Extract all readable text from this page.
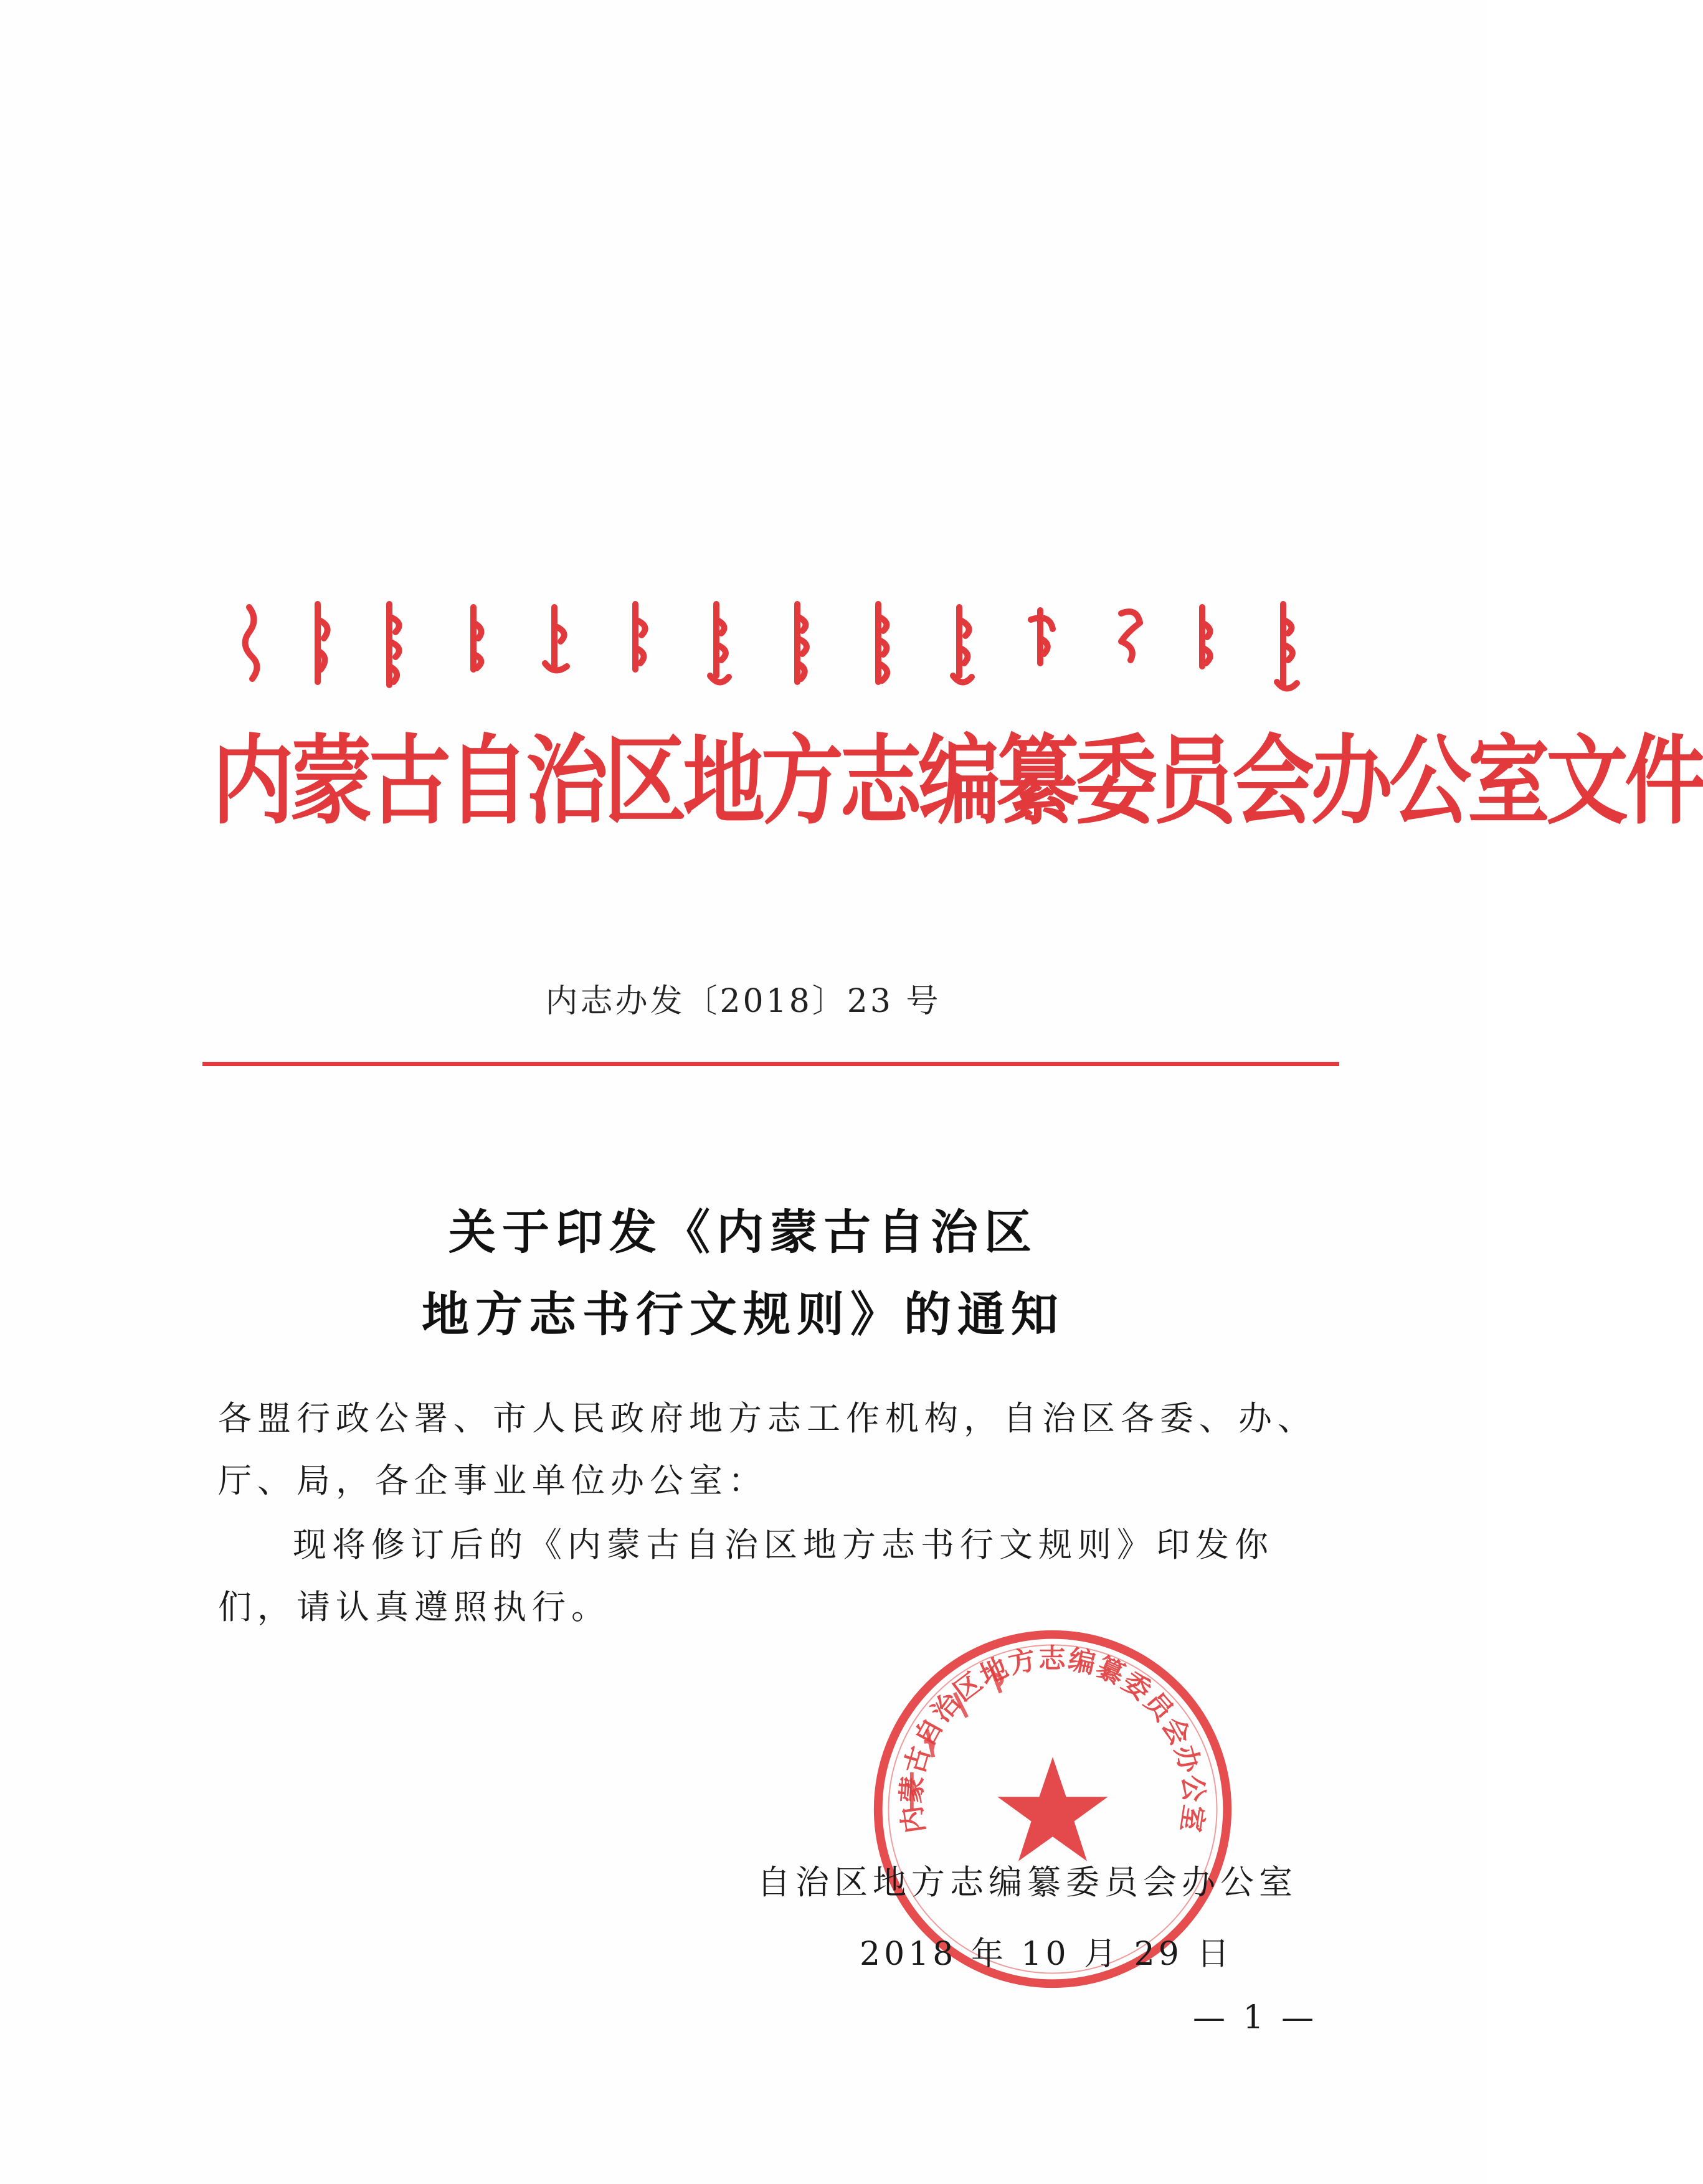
内蒙古自治区地方志编纂委员会办公室文件
内志办发〔2018〕23 号
关于印发《内蒙古自治区
地方志书行文规则》的通知
各盟行政公署、市人民政府地方志工作机构，自治区各委、办、
厅、局，各企事业单位办公室：
现将修订后的《内蒙古自治区地方志书行文规则》印发你
们，请认真遵照执行。
内蒙古自治区地方志编纂委员会办公室
自治区地方志编纂委员会办公室
2018 年 10 月 29 日
— 1 —
